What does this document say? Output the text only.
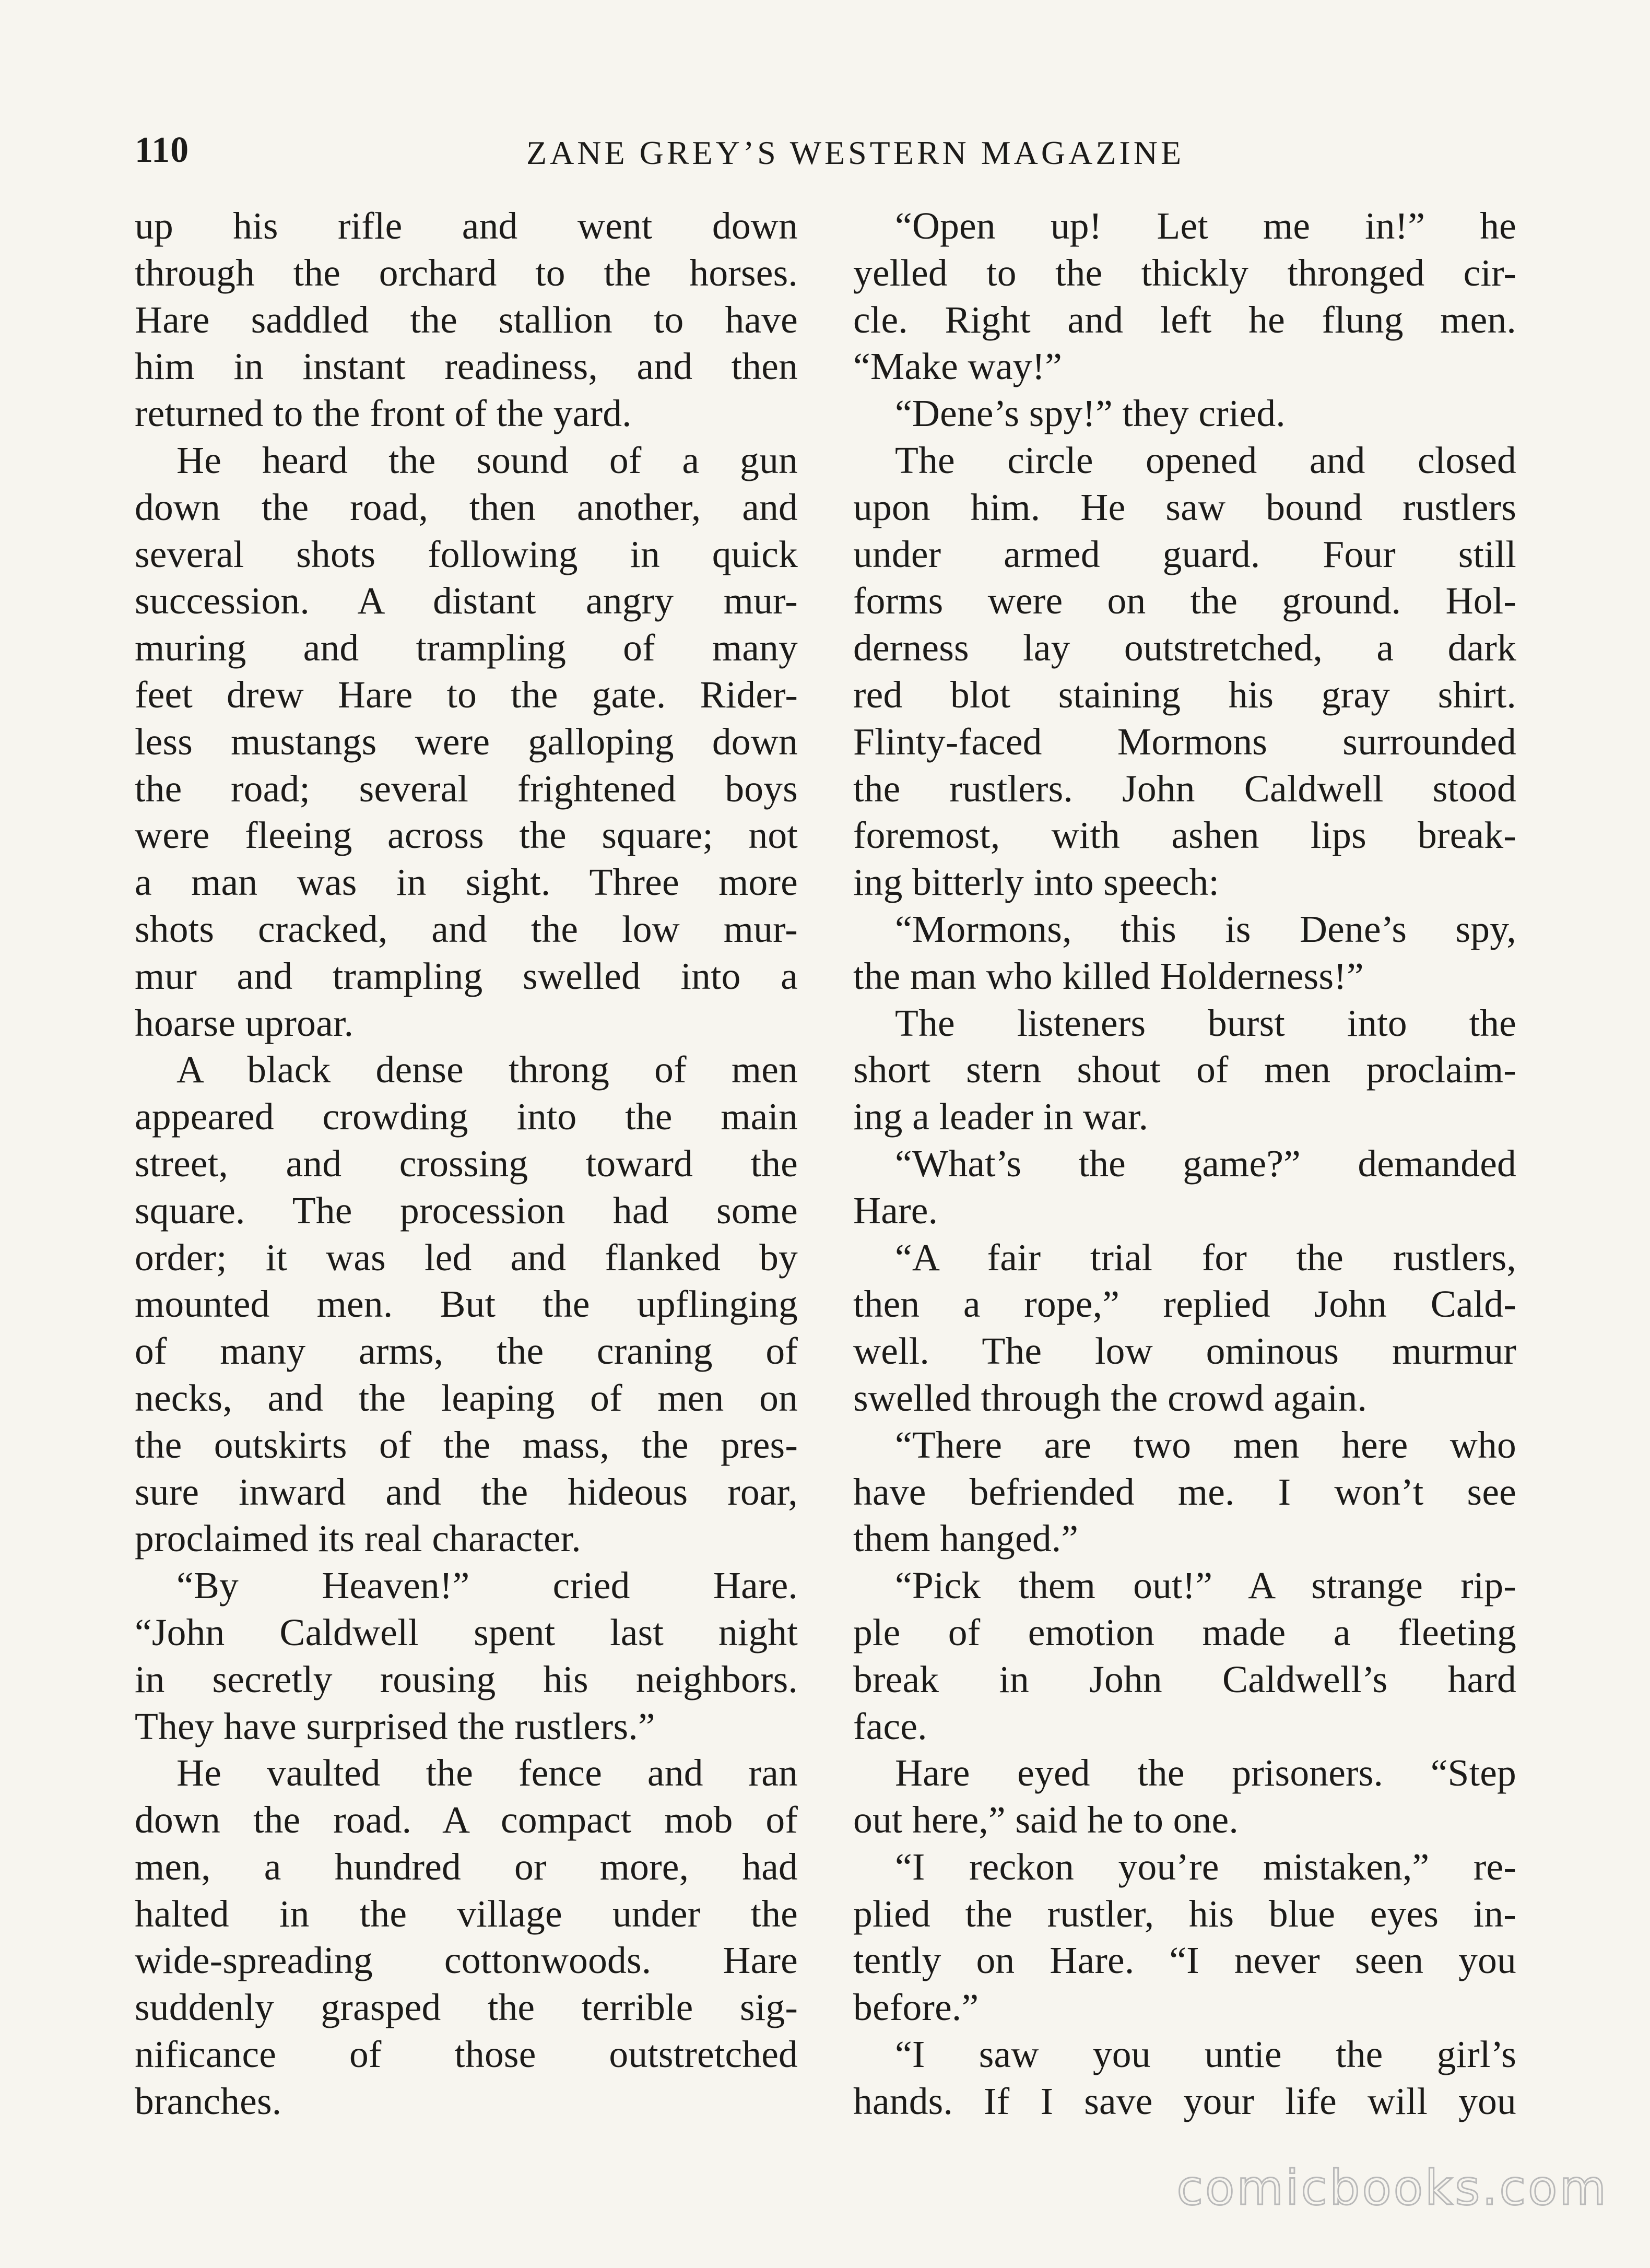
110	ZANE GREY’S WESTERN MAGAZINE
up his rifle and went down
through the orchard to the horses.
Hare saddled the stallion to have
him in instant readiness, and then
returned to the front of the yard.
He heard the sound of a gun
down the road, then another, and
several shots following in quick
succession. A distant angry mur-
muring and trampling of many
feet drew Hare to the gate. Rider-
less mustangs were galloping down
the road; several frightened boys
were fleeing across the square; not
a man was in sight. Three more
shots cracked, and the low mur-
mur and trampling swelled into a
hoarse uproar.
A black dense throng of men
appeared crowding into the main
street, and crossing toward the
square. The procession had some
order; it was led and flanked by
mounted men. But the upflinging
of many arms, the craning of
necks, and the leaping of men on
the outskirts of the mass, the pres-
sure inward and the hideous roar,
proclaimed its real character.
“By Heaven!” cried Hare.
“John Caldwell spent last night
in secretly rousing his neighbors.
They have surprised the rustlers.”
He vaulted the fence and ran
down the road. A compact mob of
men, a hundred or more, had
halted in the village under the
wide-spreading cottonwoods. Hare
suddenly grasped the terrible sig-
nificance of those outstretched
branches.
“Open up! Let me in!” he
yelled to the thickly thronged cir-
cle. Right and left he flung men.
“Make way!”
“Dene’s spy!” they cried.
The circle opened and closed
upon him. He saw bound rustlers
under armed guard. Four still
forms were on the ground. Hol-
derness lay outstretched, a dark
red blot staining his gray shirt.
Flinty-faced Mormons surrounded
the rustlers. John Caldwell stood
foremost, with ashen lips break-
ing bitterly into speech:
“Mormons, this is Dene’s spy,
the man who killed Holderness!”
The listeners burst into the
short stern shout of men proclaim-
ing a leader in war.
“What’s the game?” demanded
Hare.
“A fair trial for the rustlers,
then a rope,” replied John Cald-
well. The low ominous murmur
swelled through the crowd again.
“There are two men here who
have befriended me. I won’t see
them hanged.”
“Pick them out!” A strange rip-
ple of emotion made a fleeting
break in John Caldwell’s hard
face.
Hare eyed the prisoners. “Step
out here,” said he to one.
“I reckon you’re mistaken,” re-
plied the rustler, his blue eyes in-
tently on Hare. “I never seen you
before.”
“I saw you untie the girl’s
hands. If I save your life will you
comicbooks.com
